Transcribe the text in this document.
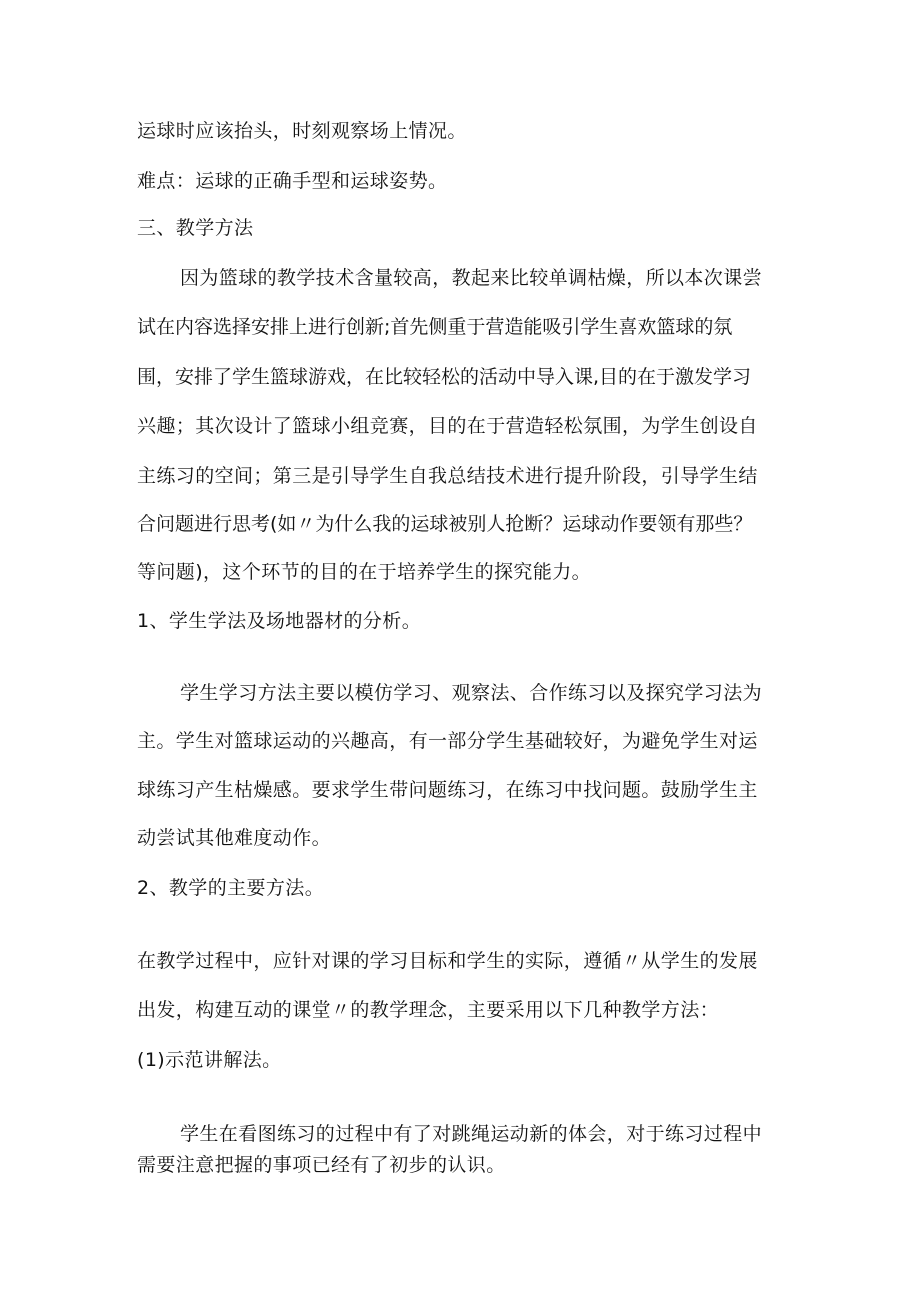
运球时应该抬头，时刻观察场上情况。
难点：运球的正确手型和运球姿势。
三、教学方法
因为篮球的教学技术含量较高，教起来比较单调枯燥，所以本次课尝
试在内容选择安排上进行创新;首先侧重于营造能吸引学生喜欢篮球的氛
围，安排了学生篮球游戏，在比较轻松的活动中导入课,目的在于激发学习
兴趣；其次设计了篮球小组竞赛，目的在于营造轻松氛围，为学生创设自
主练习的空间；第三是引导学生自我总结技术进行提升阶段，引导学生结
合问题进行思考(如〃为什么我的运球被别人抢断？运球动作要领有那些？
等问题)，这个环节的目的在于培养学生的探究能力。
1、学生学法及场地器材的分析。
学生学习方法主要以模仿学习、观察法、合作练习以及探究学习法为
主。学生对篮球运动的兴趣高，有一部分学生基础较好，为避免学生对运
球练习产生枯燥感。要求学生带问题练习，在练习中找问题。鼓励学生主
动尝试其他难度动作。
2、教学的主要方法。
在教学过程中，应针对课的学习目标和学生的实际，遵循〃从学生的发展
出发，构建互动的课堂〃的教学理念，主要采用以下几种教学方法：
(1)示范讲解法。
学生在看图练习的过程中有了对跳绳运动新的体会，对于练习过程中
需要注意把握的事项已经有了初步的认识。
